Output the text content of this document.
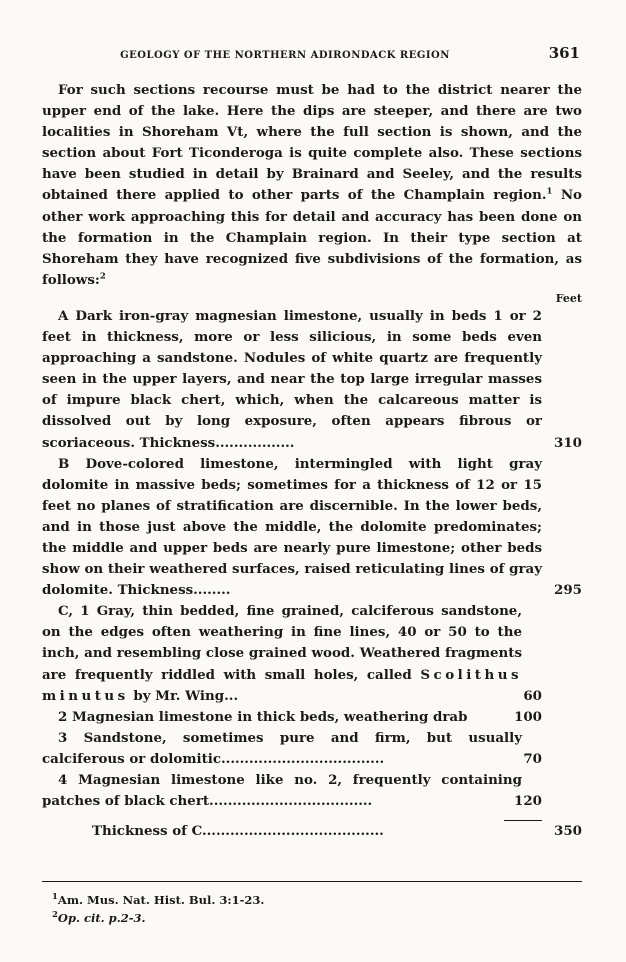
GEOLOGY OF THE NORTHERN ADIRONDACK REGION	361

For such sections recourse must be had to the district nearer the upper end of the lake. Here the dips are steeper, and there are two localities in Shoreham Vt, where the full section is shown, and the section about Fort Ticonderoga is quite complete also. These sections have been studied in detail by Brainard and Seeley, and the results obtained there applied to other parts of the Champlain region.$^1$ No other work approaching this for detail and accuracy has been done on the formation in the Champlain region. In their type section at Shoreham they have recognized five subdivisions of the formation, as follows:$^2$

Feet

A Dark iron-gray magnesian limestone, usually in beds 1 or 2 feet in thickness, more or less silicious, in some beds even approaching a sandstone. Nodules of white quartz are frequently seen in the upper layers, and near the top large irregular masses of impure black chert, which, when the calcareous matter is dissolved out by long exposure, often appears fibrous or scoriaceous. Thickness.................	310

B Dove-colored limestone, intermingled with light gray dolomite in massive beds; sometimes for a thickness of 12 or 15 feet no planes of stratification are discernible. In the lower beds, and in those just above the middle, the dolomite predominates; the middle and upper beds are nearly pure limestone; other beds show on their weathered surfaces, raised reticulating lines of gray dolomite. Thickness........	295

C, 1 Gray, thin bedded, fine grained, calciferous sandstone, on the edges often weathering in fine lines, 40 or 50 to the inch, and resembling close grained wood. Weathered fragments are frequently riddled with small holes, called Scolithus minutus by Mr. Wing...	60

2 Magnesian limestone in thick beds, weathering drab	100

3 Sandstone, sometimes pure and firm, but usually calciferous or dolomitic...................................	70

4 Magnesian limestone like no. 2, frequently containing patches of black chert...................................	120

Thickness of C.......................................	350

$^1$Am. Mus. Nat. Hist. Bul. 3:1-23.
$^2$Op. cit. p.2-3.
